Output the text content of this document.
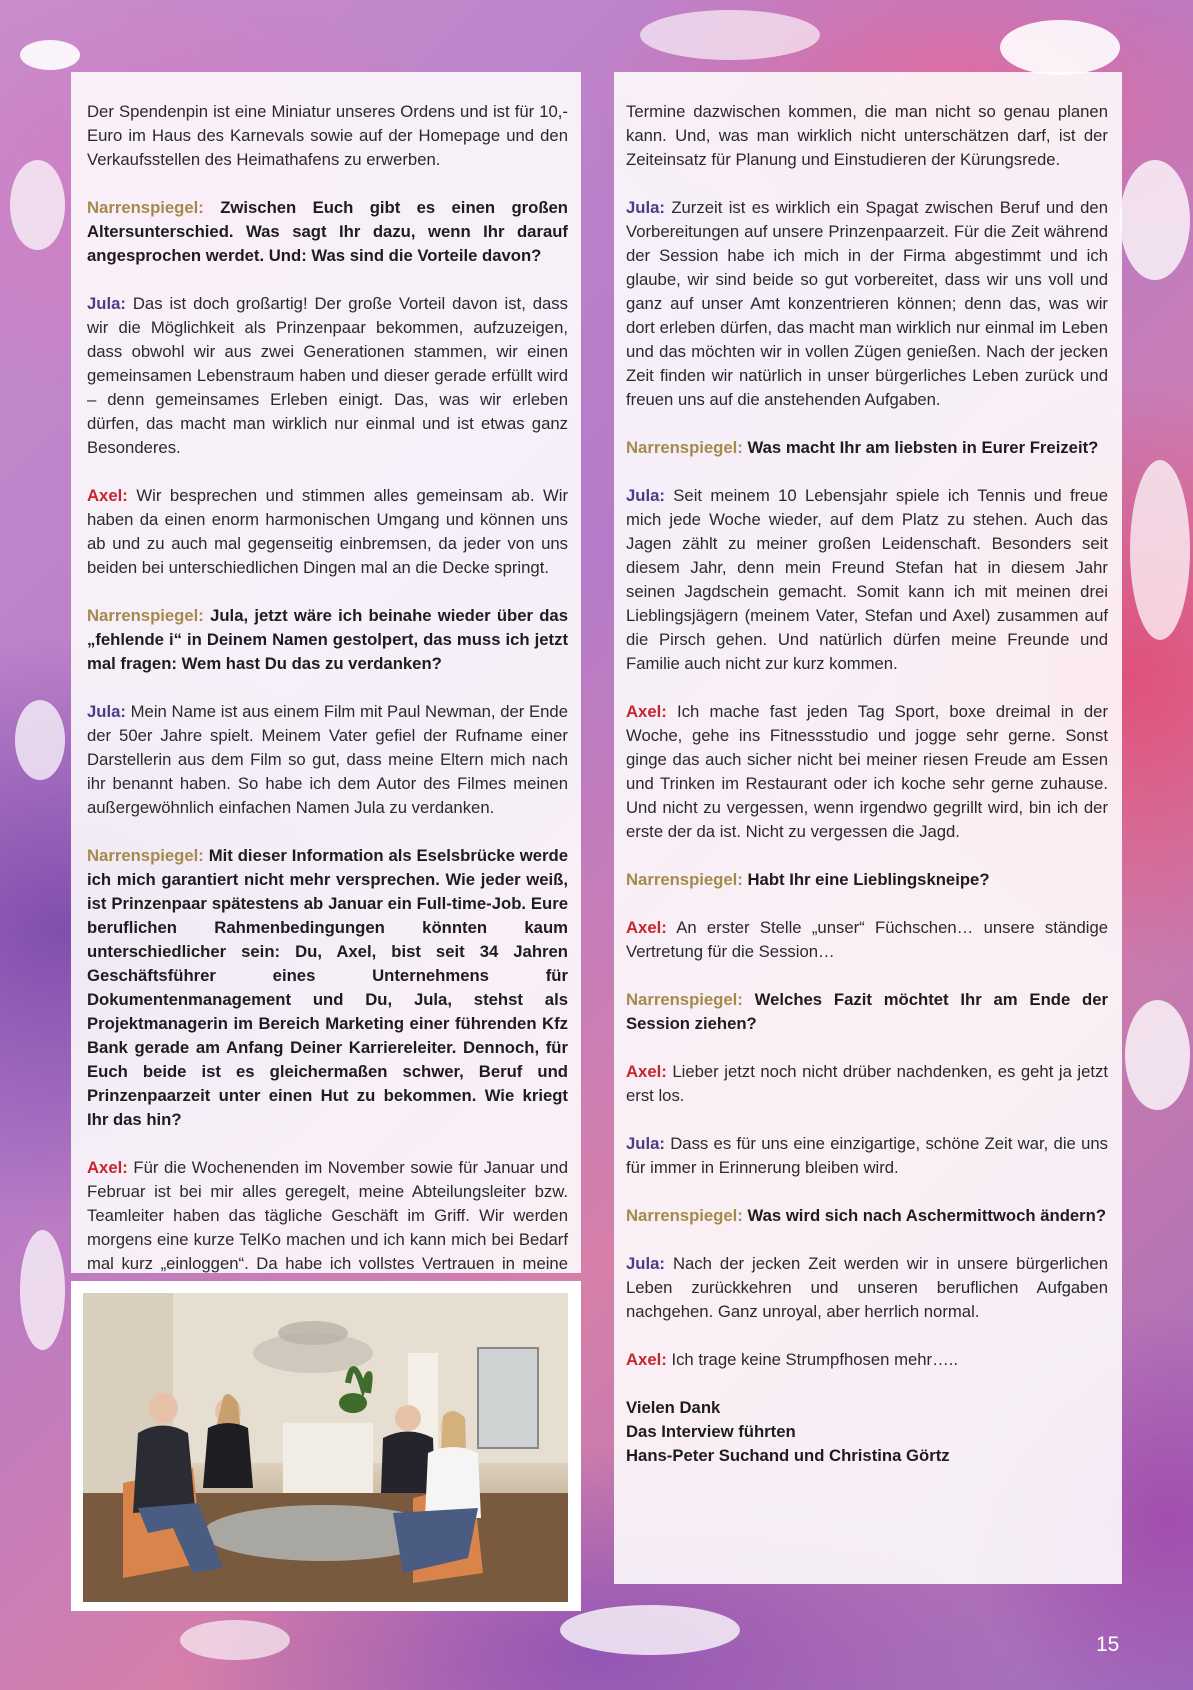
Der Spendenpin ist eine Miniatur unseres Ordens und ist für 10,- Euro im Haus des Karnevals sowie auf der Homepage und den Verkaufsstellen des Heimathafens zu erwerben.

Narrenspiegel: Zwischen Euch gibt es einen großen Altersunterschied. Was sagt Ihr dazu, wenn Ihr darauf angesprochen werdet. Und: Was sind die Vorteile davon?

Jula: Das ist doch großartig! Der große Vorteil davon ist, dass wir die Möglichkeit als Prinzenpaar bekommen, aufzuzeigen, dass obwohl wir aus zwei Generationen stammen, wir einen gemeinsamen Lebenstraum haben und dieser gerade erfüllt wird – denn gemeinsames Erleben einigt. Das, was wir erleben dürfen, das macht man wirklich nur einmal und ist etwas ganz Besonderes.

Axel: Wir besprechen und stimmen alles gemeinsam ab. Wir haben da einen enorm harmonischen Umgang und können uns ab und zu auch mal gegenseitig einbremsen, da jeder von uns beiden bei unterschiedlichen Dingen mal an die Decke springt.

Narrenspiegel: Jula, jetzt wäre ich beinahe wieder über das „fehlende i“ in Deinem Namen gestolpert, das muss ich jetzt mal fragen: Wem hast Du das zu verdanken?

Jula: Mein Name ist aus einem Film mit Paul Newman, der Ende der 50er Jahre spielt. Meinem Vater gefiel der Rufname einer Darstellerin aus dem Film so gut, dass meine Eltern mich nach ihr benannt haben. So habe ich dem Autor des Filmes meinen außergewöhnlich einfachen Namen Jula zu verdanken.

Narrenspiegel: Mit dieser Information als Eselsbrücke werde ich mich garantiert nicht mehr versprechen. Wie jeder weiß, ist Prinzenpaar spätestens ab Januar ein Full-time-Job. Eure beruflichen Rahmenbedingungen könnten kaum unterschiedlicher sein: Du, Axel, bist seit 34 Jahren Geschäftsführer eines Unternehmens für Dokumentenmanagement und Du, Jula, stehst als Projektmanagerin im Bereich Marketing einer führenden Kfz Bank gerade am Anfang Deiner Karriereleiter. Dennoch, für Euch beide ist es gleichermaßen schwer, Beruf und Prinzenpaarzeit unter einen Hut zu bekommen. Wie kriegt Ihr das hin?

Axel: Für die Wochenenden im November sowie für Januar und Februar ist bei mir alles geregelt, meine Abteilungsleiter bzw. Teamleiter haben das tägliche Geschäft im Griff. Wir werden morgens eine kurze TelKo machen und ich kann mich bei Bedarf mal kurz „einloggen“. Da habe ich vollstes Vertrauen in meine

Termine dazwischen kommen, die man nicht so genau planen kann. Und, was man wirklich nicht unterschätzen darf, ist der Zeiteinsatz für Planung und Einstudieren der Kürungsrede.

Jula: Zurzeit ist es wirklich ein Spagat zwischen Beruf und den Vorbereitungen auf unsere Prinzenpaarzeit. Für die Zeit während der Session habe ich mich in der Firma abgestimmt und ich glaube, wir sind beide so gut vorbereitet, dass wir uns voll und ganz auf unser Amt konzentrieren können; denn das, was wir dort erleben dürfen, das macht man wirklich nur einmal im Leben und das möchten wir in vollen Zügen genießen. Nach der jecken Zeit finden wir natürlich in unser bürgerliches Leben zurück und freuen uns auf die anstehenden Aufgaben.

Narrenspiegel: Was macht Ihr am liebsten in Eurer Freizeit?

Jula: Seit meinem 10 Lebensjahr spiele ich Tennis und freue mich jede Woche wieder, auf dem Platz zu stehen. Auch das Jagen zählt zu meiner großen Leidenschaft. Besonders seit diesem Jahr, denn mein Freund Stefan hat in diesem Jahr seinen Jagdschein gemacht. Somit kann ich mit meinen drei Lieblingsjägern (meinem Vater, Stefan und Axel) zusammen auf die Pirsch gehen. Und natürlich dürfen meine Freunde und Familie auch nicht zur kurz kommen.

Axel: Ich mache fast jeden Tag Sport, boxe dreimal in der Woche, gehe ins Fitnessstudio und jogge sehr gerne. Sonst ginge das auch sicher nicht bei meiner riesen Freude am Essen und Trinken im Restaurant oder ich koche sehr gerne zuhause. Und nicht zu vergessen, wenn irgendwo gegrillt wird, bin ich der erste der da ist. Nicht zu vergessen die Jagd.

Narrenspiegel: Habt Ihr eine Lieblingskneipe?

Axel: An erster Stelle „unser“ Füchschen… unsere ständige Vertretung für die Session…

Narrenspiegel: Welches Fazit möchtet Ihr am Ende der Session ziehen?

Axel: Lieber jetzt noch nicht drüber nachdenken, es geht ja jetzt erst los.

Jula: Dass es für uns eine einzigartige, schöne Zeit war, die uns für immer in Erinnerung bleiben wird.

Narrenspiegel: Was wird sich nach Aschermittwoch ändern?

Jula: Nach der jecken Zeit werden wir in unsere bürgerlichen Leben zurückkehren und unseren beruflichen Aufgaben nachgehen. Ganz unroyal, aber herrlich normal.

Axel: Ich trage keine Strumpfhosen mehr…..

Vielen Dank

Das Interview führten

Hans-Peter Suchand und Christina Görtz

15
